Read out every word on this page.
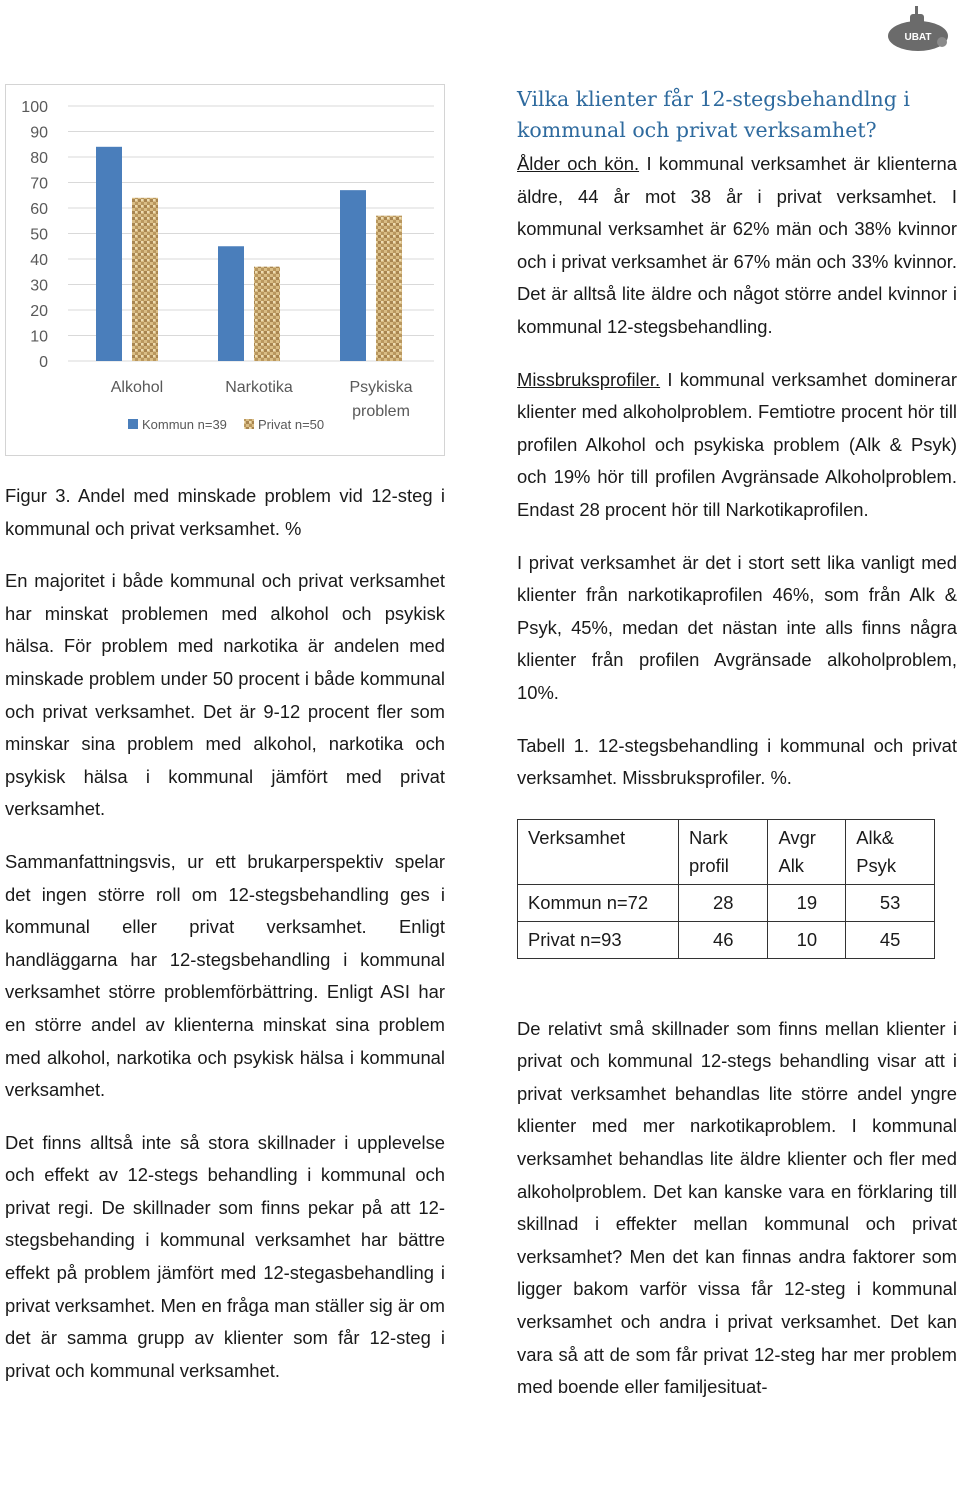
UBAT
0
10
20
30
40
50
60
70
80
90
100
Alkohol	Narkotika	Psykiska
problem
Kommun n=39 Privat n=50

Figur 3. Andel med minskade problem vid 12-steg i kommunal och privat verksamhet. %

En majoritet i både kommunal och privat verksamhet har minskat problemen med alkohol och psykisk hälsa. För problem med narkotika är andelen med minskade problem under 50 procent i både kommunal och privat verksamhet. Det är 9-12 procent fler som minskar sina problem med alkohol, narkotika och psykisk hälsa i kommunal jämfört med privat verksamhet.

Sammanfattningsvis, ur ett brukarperspektiv spelar det ingen större roll om 12-stegsbehandling ges i kommunal eller privat verksamhet. Enligt handläggarna har 12-stegsbehandling i kommunal verksamhet större problemförbättring. Enligt ASI har en större andel av klienterna minskat sina problem med alkohol, narkotika och psykisk hälsa i kommunal verksamhet.

Det finns alltså inte så stora skillnader i upplevelse och effekt av 12-stegs behandling i kommunal och privat regi. De skillnader som finns pekar på att 12-stegsbehanding i kommunal verksamhet har bättre effekt på problem jämfört med 12-stegasbehandling i privat verksamhet. Men en fråga man ställer sig är om det är samma grupp av klienter som får 12-steg i privat och kommunal verksamhet.

Vilka klienter får 12-stegsbehandlng i kommunal och privat verksamhet?

Ålder och kön. I kommunal verksamhet är klienterna äldre, 44 år mot 38 år i privat verksamhet. I kommunal verksamhet är 62% män och 38% kvinnor och i privat verksamhet är 67% män och 33% kvinnor. Det är alltså lite äldre och något större andel kvinnor i kommunal 12-stegsbehandling.

Missbruksprofiler. I kommunal verksamhet dominerar klienter med alkoholproblem. Femtiotre procent hör till profilen Alkohol och psykiska problem (Alk & Psyk) och 19% hör till profilen Avgränsade Alkoholproblem. Endast 28 procent hör till Narkotikaprofilen.

I privat verksamhet är det i stort sett lika vanligt med klienter från narkotikaprofilen 46%, som från Alk & Psyk, 45%, medan det nästan inte alls finns några klienter från profilen Avgränsade alkoholproblem, 10%.

Tabell 1. 12-stegsbehandling i kommunal och privat verksamhet. Missbruksprofiler. %.

Verksamhet	Nark profil	Avgr Alk	Alk& Psyk
Kommun n=72	28	19	53
Privat n=93	46	10	45

De relativt små skillnader som finns mellan klienter i privat och kommunal 12-stegs behandling visar att i privat verksamhet behandlas lite större andel yngre klienter med mer narkotikaproblem. I kommunal verksamhet behandlas lite äldre klienter och fler med alkoholproblem. Det kan kanske vara en förklaring till skillnad i effekter mellan kommunal och privat verksamhet? Men det kan finnas andra faktorer som ligger bakom varför vissa får 12-steg i kommunal verksamhet och andra i privat verksamhet. Det kan vara så att de som får privat 12-steg har mer problem med boende eller familjesituat-
